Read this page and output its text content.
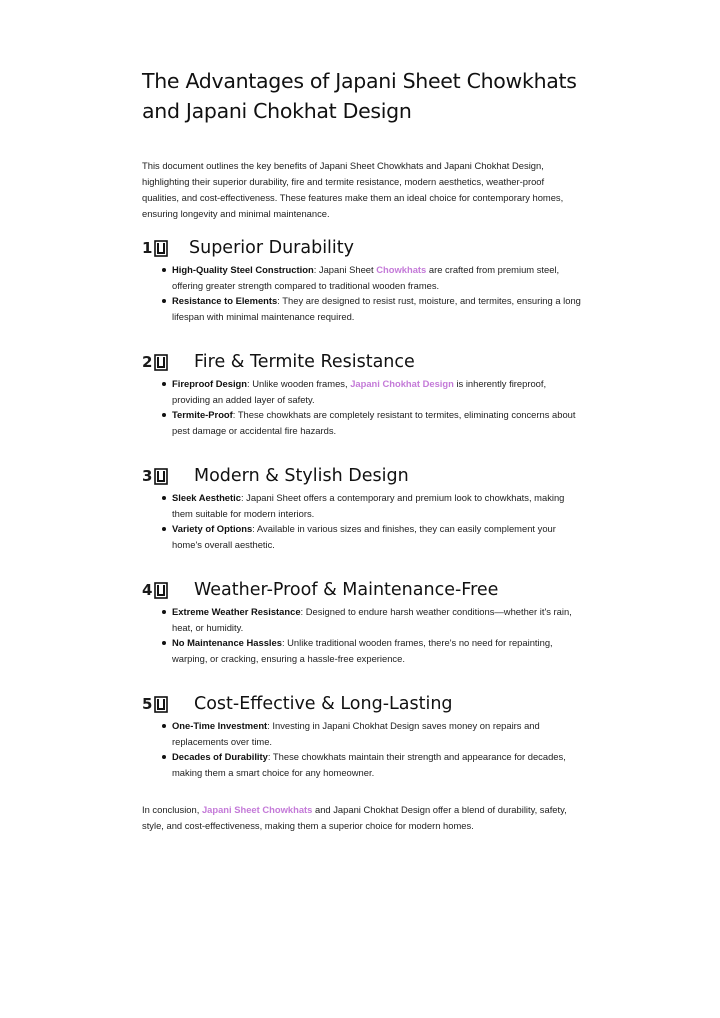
The Advantages of Japani Sheet Chowkhats and Japani Chokhat Design

This document outlines the key benefits of Japani Sheet Chowkhats and Japani Chokhat Design, highlighting their superior durability, fire and termite resistance, modern aesthetics, weather-proof qualities, and cost-effectiveness. These features make them an ideal choice for contemporary homes, ensuring longevity and minimal maintenance.

1 Superior Durability
High-Quality Steel Construction: Japani Sheet Chowkhats are crafted from premium steel, offering greater strength compared to traditional wooden frames.
Resistance to Elements: They are designed to resist rust, moisture, and termites, ensuring a long lifespan with minimal maintenance required.
2 Fire & Termite Resistance
Fireproof Design: Unlike wooden frames, Japani Chokhat Design is inherently fireproof, providing an added layer of safety.
Termite-Proof: These chowkhats are completely resistant to termites, eliminating concerns about pest damage or accidental fire hazards.
3 Modern & Stylish Design
Sleek Aesthetic: Japani Sheet offers a contemporary and premium look to chowkhats, making them suitable for modern interiors.
Variety of Options: Available in various sizes and finishes, they can easily complement your home's overall aesthetic.
4 Weather-Proof & Maintenance-Free
Extreme Weather Resistance: Designed to endure harsh weather conditions—whether it's rain, heat, or humidity.
No Maintenance Hassles: Unlike traditional wooden frames, there's no need for repainting, warping, or cracking, ensuring a hassle-free experience.
5 Cost-Effective & Long-Lasting
One-Time Investment: Investing in Japani Chokhat Design saves money on repairs and replacements over time.
Decades of Durability: These chowkhats maintain their strength and appearance for decades, making them a smart choice for any homeowner.

In conclusion, Japani Sheet Chowkhats and Japani Chokhat Design offer a blend of durability, safety, style, and cost-effectiveness, making them a superior choice for modern homes.
